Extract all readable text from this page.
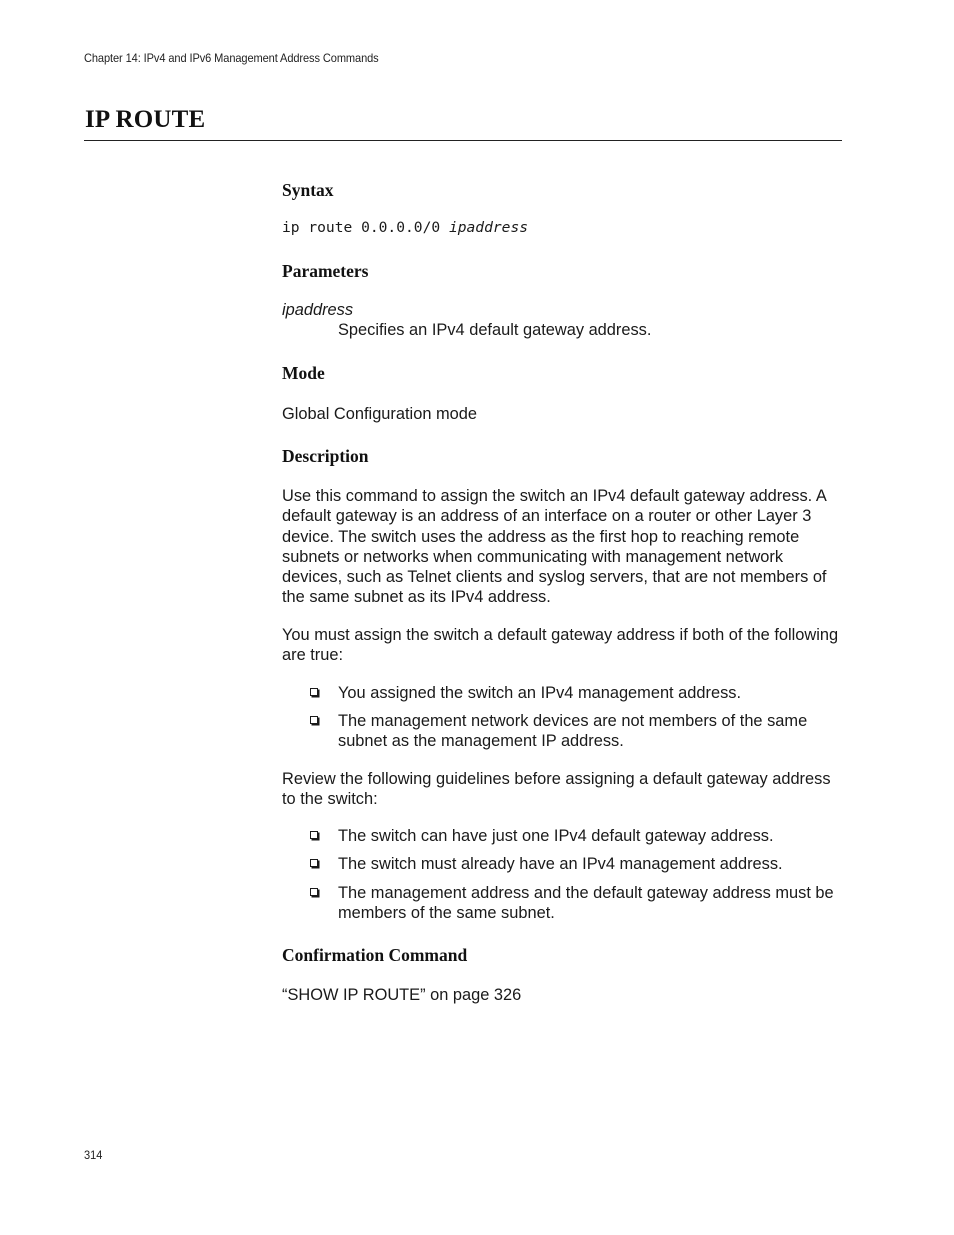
Chapter 14: IPv4 and IPv6 Management Address Commands
IP ROUTE
Syntax

ip route 0.0.0.0/0 ipaddress

Parameters

ipaddress

Specifies an IPv4 default gateway address.

Mode

Global Configuration mode

Description

Use this command to assign the switch an IPv4 default gateway address. A default gateway is an address of an interface on a router or other Layer 3 device. The switch uses the address as the first hop to reaching remote subnets or networks when communicating with management network devices, such as Telnet clients and syslog servers, that are not members of the same subnet as its IPv4 address.

You must assign the switch a default gateway address if both of the following are true:

You assigned the switch an IPv4 management address.
The management network devices are not members of the same subnet as the management IP address.

Review the following guidelines before assigning a default gateway address to the switch:

The switch can have just one IPv4 default gateway address.
The switch must already have an IPv4 management address.
The management address and the default gateway address must be members of the same subnet.
Confirmation Command

“SHOW IP ROUTE” on page 326

314
